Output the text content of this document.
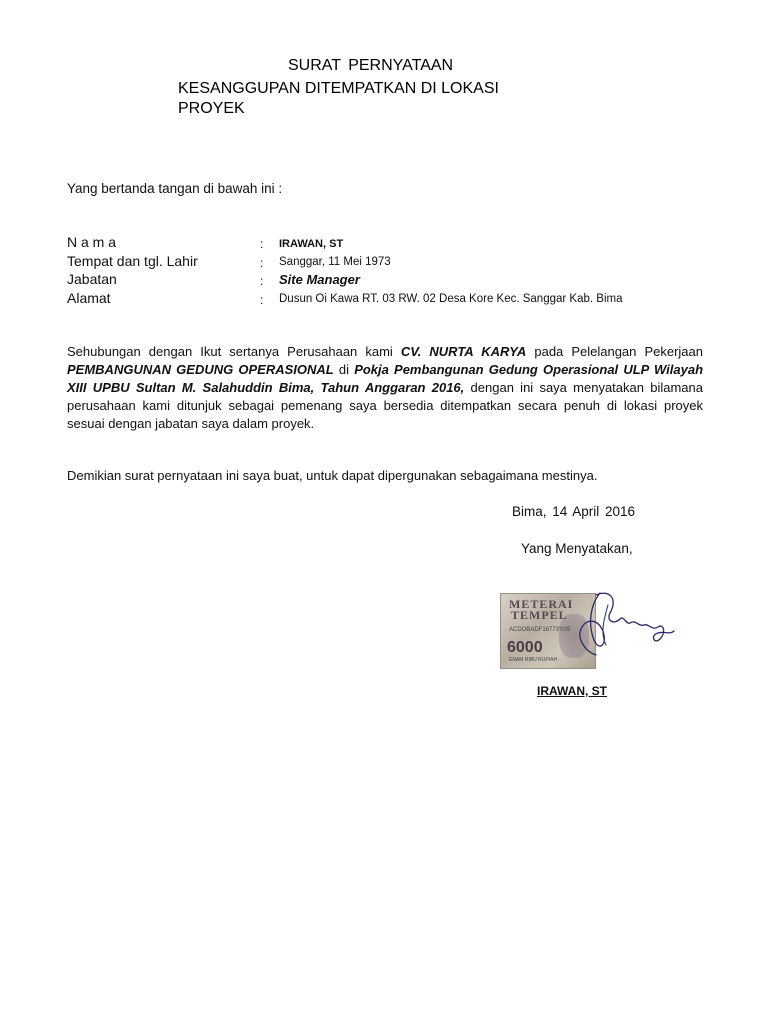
SURAT PERNYATAAN
KESANGGUPAN DITEMPATKAN DI LOKASI
PROYEK
Yang bertanda tangan di bawah ini :
N a m a	: IRAWAN, ST
Tempat dan tgl. Lahir	: Sanggar, 11 Mei 1973
Jabatan	: Site Manager
Alamat	: Dusun Oi Kawa RT. 03 RW. 02 Desa Kore Kec. Sanggar Kab. Bima
Sehubungan dengan Ikut sertanya Perusahaan kami CV. NURTA KARYA pada Pelelangan Pekerjaan PEMBANGUNAN GEDUNG OPERASIONAL di Pokja Pembangunan Gedung Operasional ULP Wilayah XIII UPBU Sultan M. Salahuddin Bima, Tahun Anggaran 2016, dengan ini saya menyatakan bilamana perusahaan kami ditunjuk sebagai pemenang saya bersedia ditempatkan secara penuh di lokasi proyek sesuai dengan jabatan saya dalam proyek.
Demikian surat pernyataan ini saya buat, untuk dapat dipergunakan sebagaimana mestinya.
Bima, 14 April 2016
Yang Menyatakan,
METERAI
TEMPEL
ACDOBADF16773'009
6000
ENAM RIBU RUPIAH
IRAWAN, ST
